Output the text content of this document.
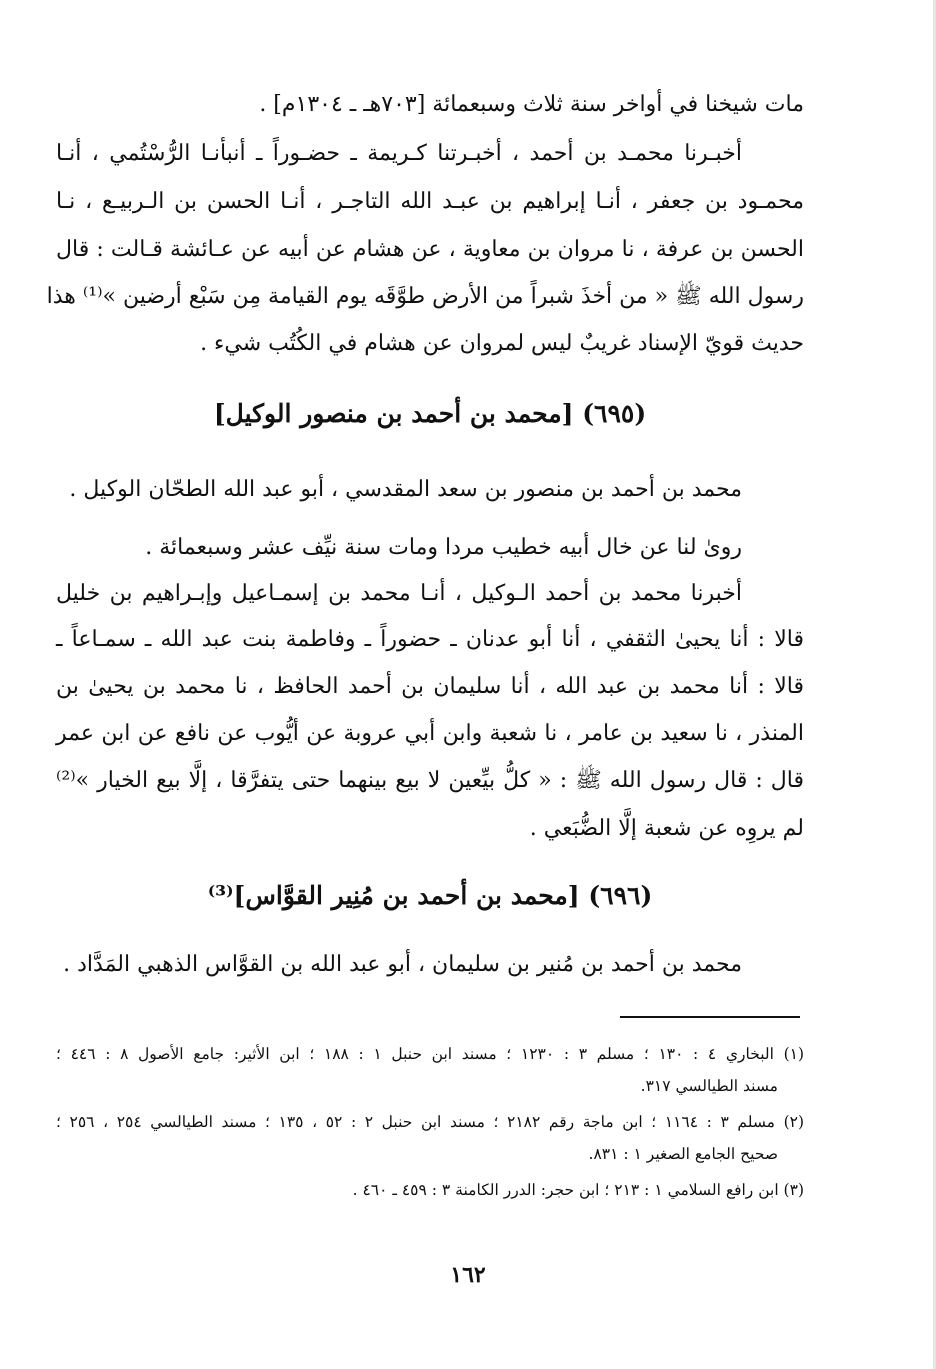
مات شيخنا في أواخر سنة ثلاث وسبعمائة [٧٠٣هـ ـ ١٣٠٤م] .
أخبـرنا محمـد بن أحمد ، أخبـرتنا كـريمة ـ حضـوراً ـ أنبأنـا الرُّسْتُمي ، أنـا
محمـود بن جعفر ، أنـا إبراهيم بن عبـد الله التاجـر ، أنـا الحسن بن الـربيـع ، نـا
الحسن بن عرفة ، نا مروان بن معاوية ، عن هشام عن أبيه عن عـائشة قـالت : قال
رسول الله ﷺ « من أخذَ شبراً من الأرض طوَّقَه يوم القيامة مِن سَبْع أرضين »⁽¹⁾ هذا
حديث قويّ الإسناد غريبٌ ليس لمروان عن هشام في الكُتُب شيء .
(٦٩٥) [محمد بن أحمد بن منصور الوكيل]
محمد بن أحمد بن منصور بن سعد المقدسي ، أبو عبد الله الطحّان الوكيل .
روىٰ لنا عن خال أبيه خطيب مردا ومات سنة نيِّف عشر وسبعمائة .
أخبرنا محمد بن أحمد الـوكيل ، أنـا محمد بن إسمـاعيل وإبـراهيم بن خليل
قالا : أنا يحيىٰ الثقفي ، أنا أبو عدنان ـ حضوراً ـ وفاطمة بنت عبد الله ـ سمـاعاً ـ
قالا : أنا محمد بن عبد الله ، أنا سليمان بن أحمد الحافظ ، نا محمد بن يحيىٰ بن
المنذر ، نا سعيد بن عامر ، نا شعبة وابن أبي عروبة عن أيُّوب عن نافع عن ابن عمر
قال : قال رسول الله ﷺ : « كلُّ بيِّعين لا بيع بينهما حتى يتفرَّقا ، إلَّا بيع الخيار »⁽²⁾
لم يروِه عن شعبة إلَّا الضُّبَعي .
(٦٩٦) [محمد بن أحمد بن مُنِير القوَّاس]⁽³⁾
محمد بن أحمد بن مُنير بن سليمان ، أبو عبد الله بن القوَّاس الذهبي المَدَّاد .
(١) البخاري ٤ : ١٣٠ ؛ مسلم ٣ : ١٢٣٠ ؛ مسند ابن حنبل ١ : ١٨٨ ؛ ابن الأثير: جامع الأصول ٨ : ٤٤٦ ؛
مسند الطيالسي ٣١٧.
(٢) مسلم ٣ : ١١٦٤ ؛ ابن ماجة رقم ٢١٨٢ ؛ مسند ابن حنبل ٢ : ٥٢ ، ١٣٥ ؛ مسند الطيالسي ٢٥٤ ، ٢٥٦ ؛
صحيح الجامع الصغير ١ : ٨٣١.
(٣) ابن رافع السلامي ١ : ٢١٣ ؛ ابن حجر: الدرر الكامنة ٣ : ٤٥٩ ـ ٤٦٠ .
١٦٢
